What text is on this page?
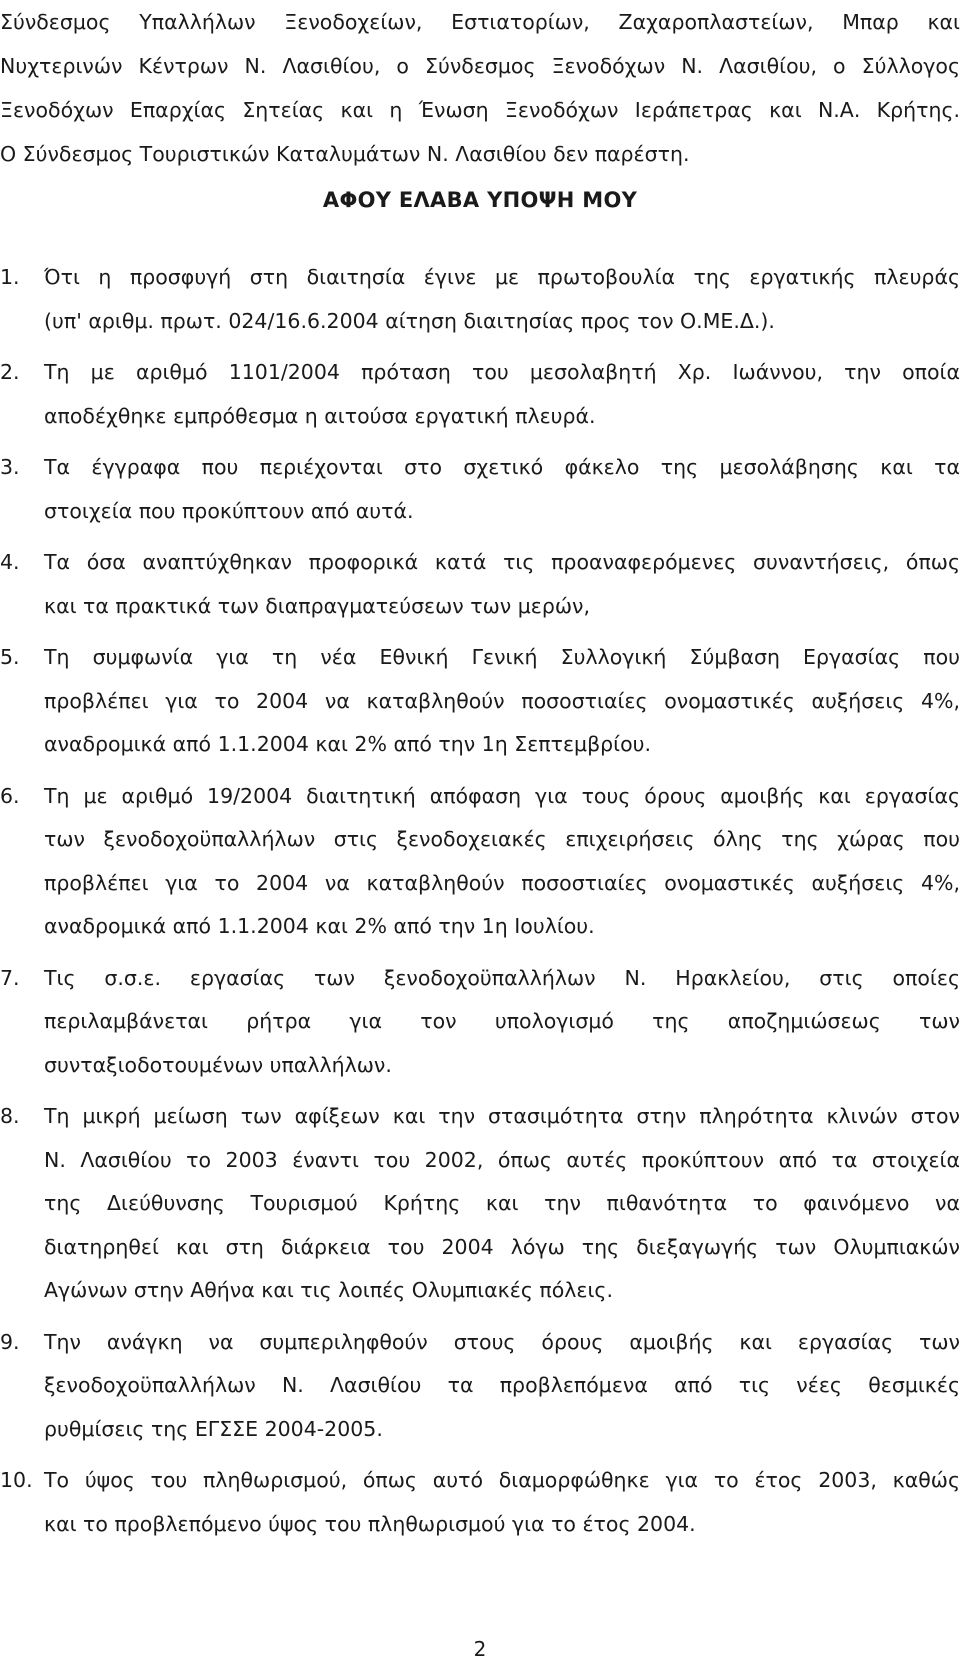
Σύνδεσμος Υπαλλήλων Ξενοδοχείων, Εστιατορίων, Ζαχαροπλαστείων, Μπαρ και
Νυχτερινών Κέντρων Ν. Λασιθίου, ο Σύνδεσμος Ξενοδόχων Ν. Λασιθίου, ο Σύλλογος
Ξενοδόχων Επαρχίας Σητείας και η Ένωση Ξενοδόχων Ιεράπετρας και Ν.Α. Κρήτης.
Ο Σύνδεσμος Τουριστικών Καταλυμάτων Ν. Λασιθίου δεν παρέστη.
ΑΦΟΥ ΕΛΑΒΑ ΥΠΟΨΗ ΜΟΥ
1.	Ότι η προσφυγή στη διαιτησία έγινε με πρωτοβουλία της εργατικής πλευράς
(υπ' αριθμ. πρωτ. 024/16.6.2004 αίτηση διαιτησίας προς τον Ο.ΜΕ.Δ.).
2.	Τη με αριθμό 1101/2004 πρόταση του μεσολαβητή Χρ. Ιωάννου, την οποία
αποδέχθηκε εμπρόθεσμα η αιτούσα εργατική πλευρά.
3.	Τα έγγραφα που περιέχονται στο σχετικό φάκελο της μεσολάβησης και τα
στοιχεία που προκύπτουν από αυτά.
4.	Τα όσα αναπτύχθηκαν προφορικά κατά τις προαναφερόμενες συναντήσεις, όπως
και τα πρακτικά των διαπραγματεύσεων των μερών,
5.	Τη συμφωνία για τη νέα Εθνική Γενική Συλλογική Σύμβαση Εργασίας που
προβλέπει για το 2004 να καταβληθούν ποσοστιαίες ονομαστικές αυξήσεις 4%,
αναδρομικά από 1.1.2004 και 2% από την 1η Σεπτεμβρίου.
6.	Τη με αριθμό 19/2004 διαιτητική απόφαση για τους όρους αμοιβής και εργασίας
των ξενοδοχοϋπαλλήλων στις ξενοδοχειακές επιχειρήσεις όλης της χώρας που
προβλέπει για το 2004 να καταβληθούν ποσοστιαίες ονομαστικές αυξήσεις 4%,
αναδρομικά από 1.1.2004 και 2% από την 1η Ιουλίου.
7.	Τις σ.σ.ε. εργασίας των ξενοδοχοϋπαλλήλων Ν. Ηρακλείου, στις οποίες
περιλαμβάνεται ρήτρα για τον υπολογισμό της αποζημιώσεως των
συνταξιοδοτουμένων υπαλλήλων.
8.	Τη μικρή μείωση των αφίξεων και την στασιμότητα στην πληρότητα κλινών στον
Ν. Λασιθίου το 2003 έναντι του 2002, όπως αυτές προκύπτουν από τα στοιχεία
της Διεύθυνσης Τουρισμού Κρήτης και την πιθανότητα το φαινόμενο να
διατηρηθεί και στη διάρκεια του 2004 λόγω της διεξαγωγής των Ολυμπιακών
Αγώνων στην Αθήνα και τις λοιπές Ολυμπιακές πόλεις.
9.	Την ανάγκη να συμπεριληφθούν στους όρους αμοιβής και εργασίας των
ξενοδοχοϋπαλλήλων Ν. Λασιθίου τα προβλεπόμενα από τις νέες θεσμικές
ρυθμίσεις της ΕΓΣΣΕ 2004-2005.
10. Το ύψος του πληθωρισμού, όπως αυτό διαμορφώθηκε για το έτος 2003, καθώς
και το προβλεπόμενο ύψος του πληθωρισμού για το έτος 2004.
2
